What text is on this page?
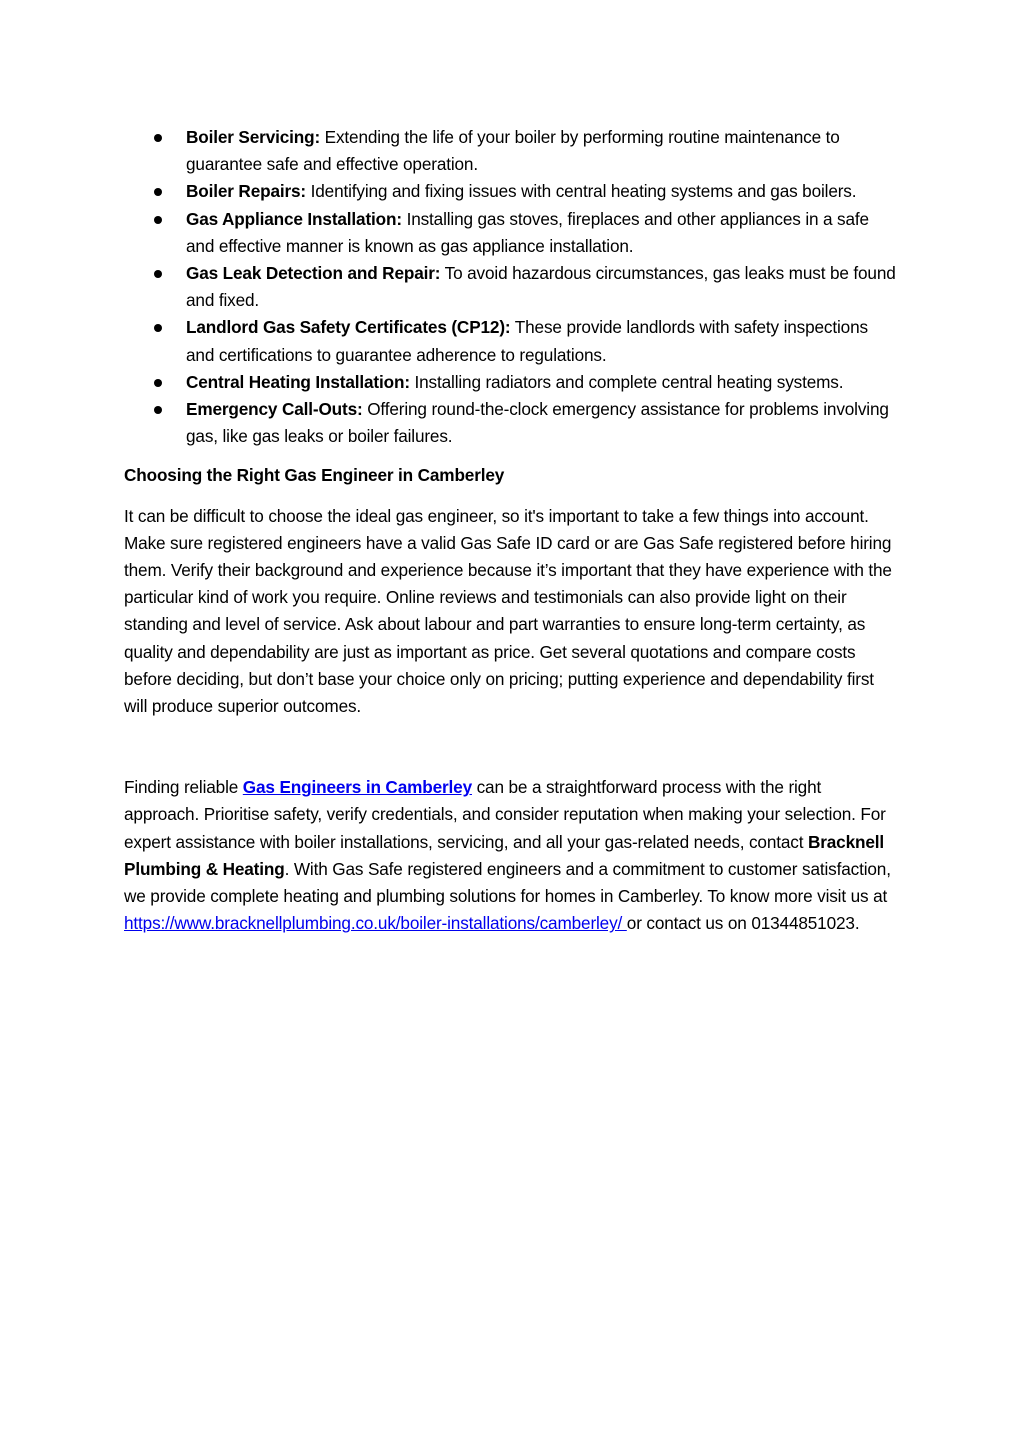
Boiler Servicing: Extending the life of your boiler by performing routine maintenance to guarantee safe and effective operation.
Boiler Repairs: Identifying and fixing issues with central heating systems and gas boilers.
Gas Appliance Installation: Installing gas stoves, fireplaces and other appliances in a safe and effective manner is known as gas appliance installation.
Gas Leak Detection and Repair: To avoid hazardous circumstances, gas leaks must be found and fixed.
Landlord Gas Safety Certificates (CP12): These provide landlords with safety inspections and certifications to guarantee adherence to regulations.
Central Heating Installation: Installing radiators and complete central heating systems.
Emergency Call-Outs: Offering round-the-clock emergency assistance for problems involving gas, like gas leaks or boiler failures.

Choosing the Right Gas Engineer in Camberley

It can be difficult to choose the ideal gas engineer, so it's important to take a few things into account. Make sure registered engineers have a valid Gas Safe ID card or are Gas Safe registered before hiring them. Verify their background and experience because it’s important that they have experience with the particular kind of work you require. Online reviews and testimonials can also provide light on their standing and level of service. Ask about labour and part warranties to ensure long-term certainty, as quality and dependability are just as important as price. Get several quotations and compare costs before deciding, but don’t base your choice only on pricing; putting experience and dependability first will produce superior outcomes.

Finding reliable Gas Engineers in Camberley can be a straightforward process with the right approach. Prioritise safety, verify credentials, and consider reputation when making your selection. For expert assistance with boiler installations, servicing, and all your gas-related needs, contact Bracknell Plumbing & Heating. With Gas Safe registered engineers and a commitment to customer satisfaction, we provide complete heating and plumbing solutions for homes in Camberley. To know more visit us at https://www.bracknellplumbing.co.uk/boiler-installations/camberley/ or contact us on 01344851023.
